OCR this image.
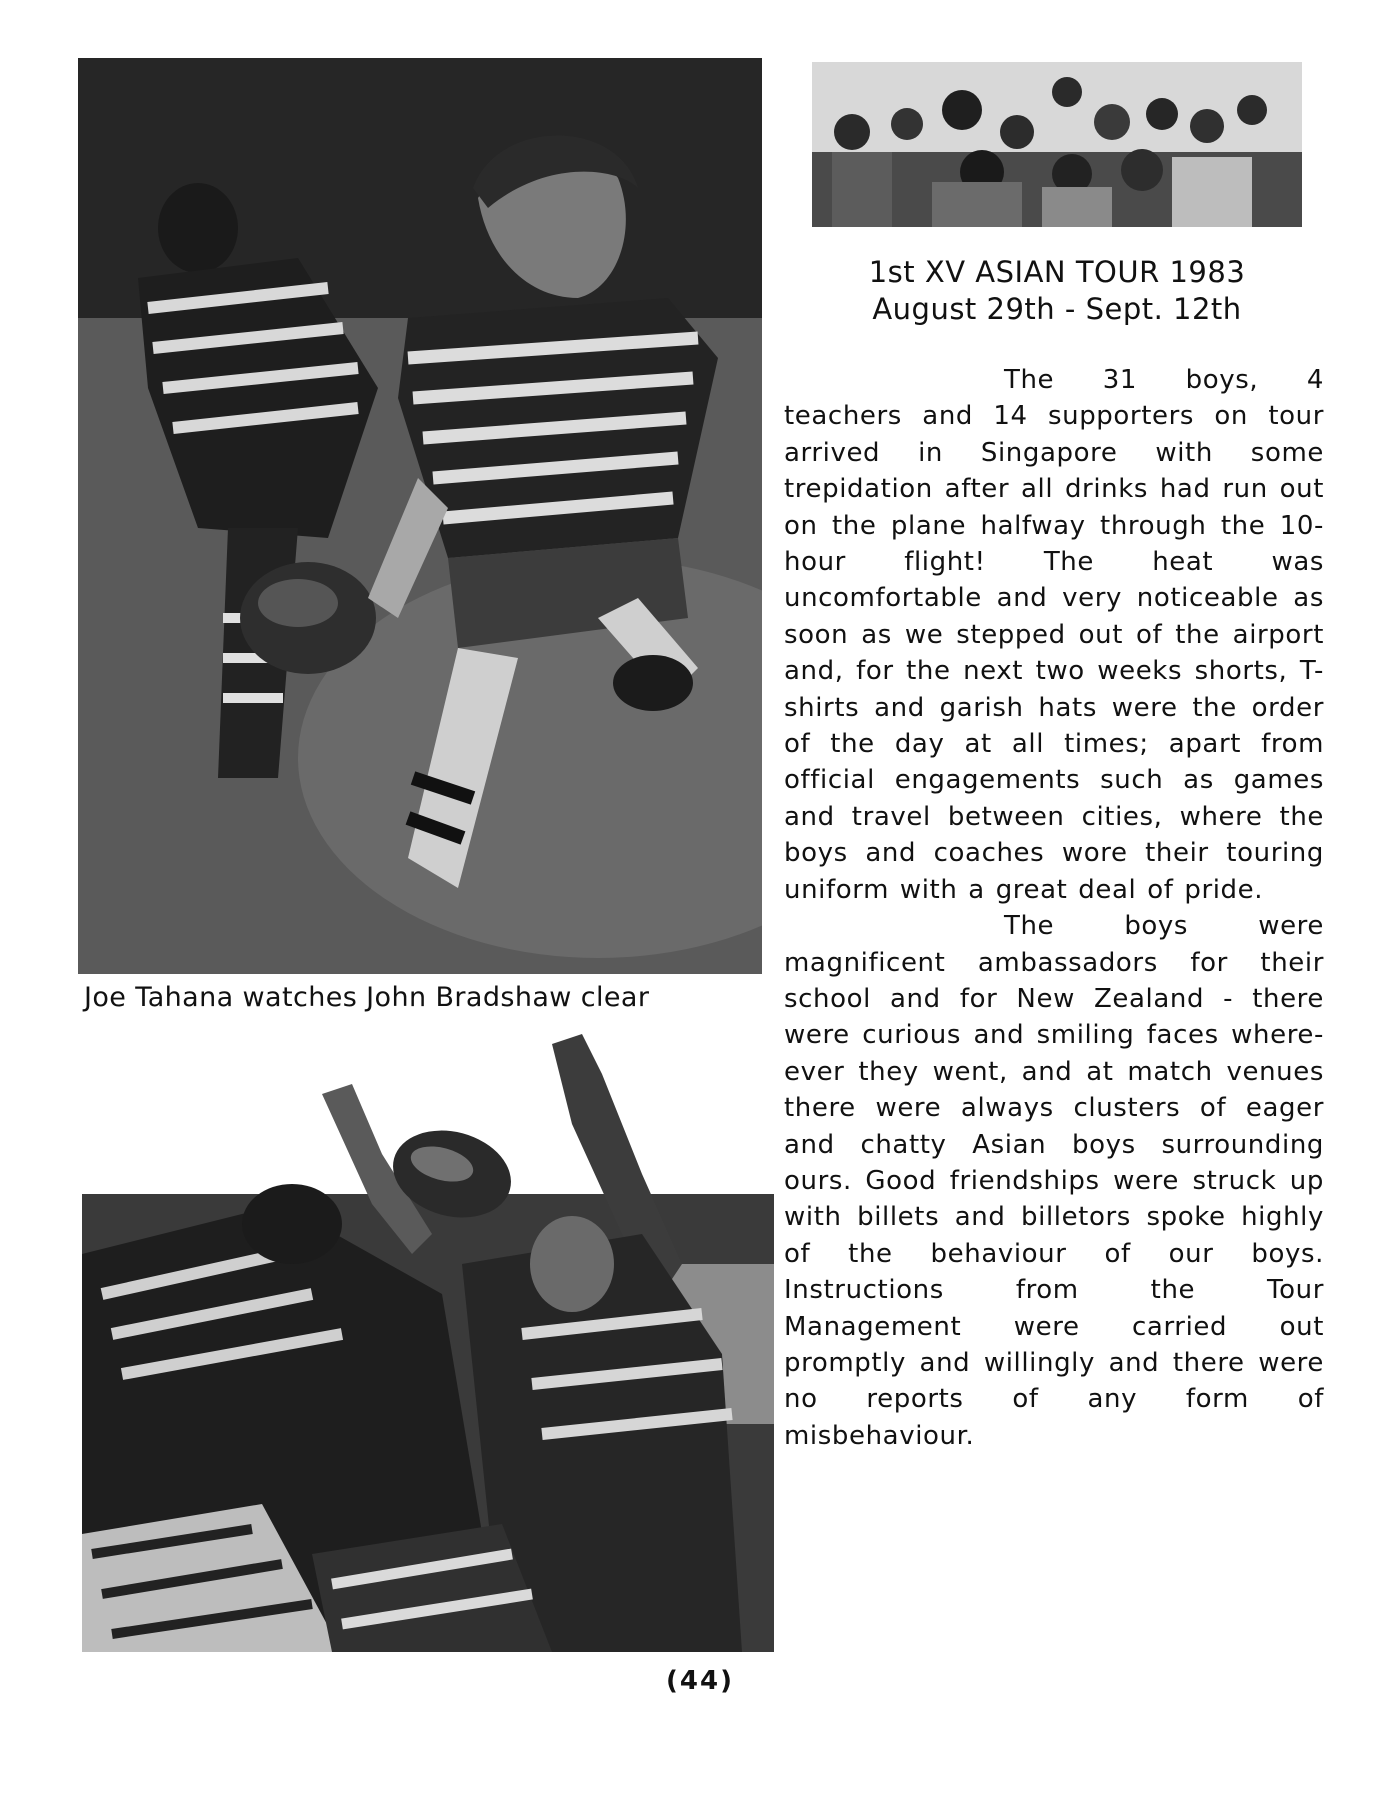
1st XV ASIAN TOUR 1983
August 29th - Sept. 12th

The 31 boys, 4 teachers and 14 supporters on tour arrived in Singapore with some trepidation after all drinks had run out on the plane halfway through the 10-hour flight! The heat was uncomfortable and very noticeable as soon as we stepped out of the airport and, for the next two weeks shorts, T-shirts and garish hats were the order of the day at all times; apart from official engagements such as games and travel between cities, where the boys and coaches wore their touring uniform with a great deal of pride.

The boys were magnificent ambassadors for their school and for New Zealand - there were curious and smiling faces where-ever they went, and at match venues there were always clusters of eager and chatty Asian boys surrounding ours. Good friendships were struck up with billets and billetors spoke highly of the behaviour of our boys. Instructions from the Tour Management were carried out promptly and willingly and there were no reports of any form of misbehaviour.

Joe Tahana watches John Bradshaw clear
(44)
